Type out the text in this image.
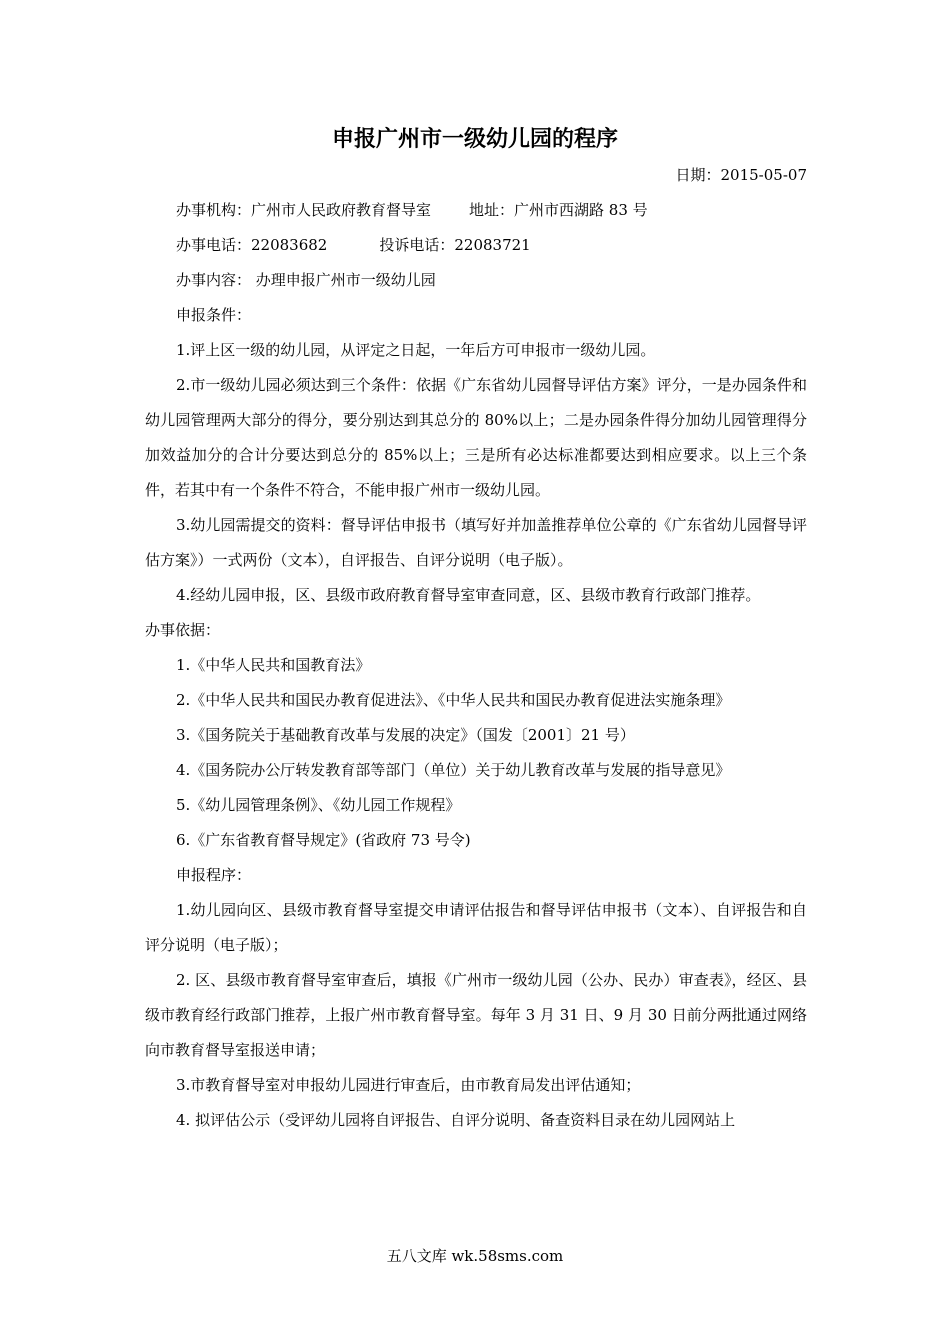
申报广州市一级幼儿园的程序

日期：2015-05-07

办事机构：广州市人民政府教育督导室	地址：广州市西湖路 83 号

办事电话：22083682	投诉电话：22083721

办事内容： 办理申报广州市一级幼儿园

申报条件：

1.评上区一级的幼儿园，从评定之日起，一年后方可申报市一级幼儿园。

2.市一级幼儿园必须达到三个条件：依据《广东省幼儿园督导评估方案》评分，一是办园条件和幼儿园管理两大部分的得分，要分别达到其总分的 80%以上；二是办园条件得分加幼儿园管理得分加效益加分的合计分要达到总分的 85%以上；三是所有必达标准都要达到相应要求。以上三个条件，若其中有一个条件不符合，不能申报广州市一级幼儿园。

3.幼儿园需提交的资料：督导评估申报书（填写好并加盖推荐单位公章的《广东省幼儿园督导评估方案》）一式两份（文本），自评报告、自评分说明（电子版）。

4.经幼儿园申报，区、县级市政府教育督导室审查同意，区、县级市教育行政部门推荐。

办事依据：

1.《中华人民共和国教育法》

2.《中华人民共和国民办教育促进法》、《中华人民共和国民办教育促进法实施条理》

3.《国务院关于基础教育改革与发展的决定》（国发〔2001〕21 号）

4.《国务院办公厅转发教育部等部门（单位）关于幼儿教育改革与发展的指导意见》

5.《幼儿园管理条例》、《幼儿园工作规程》

6.《广东省教育督导规定》(省政府 73 号令)

申报程序：

1.幼儿园向区、县级市教育督导室提交申请评估报告和督导评估申报书（文本）、自评报告和自评分说明（电子版）；

2. 区、县级市教育督导室审查后，填报《广州市一级幼儿园（公办、民办）审查表》，经区、县级市教育经行政部门推荐，上报广州市教育督导室。每年 3 月 31 日、9 月 30 日前分两批通过网络向市教育督导室报送申请；

3.市教育督导室对申报幼儿园进行审查后，由市教育局发出评估通知；

4. 拟评估公示（受评幼儿园将自评报告、自评分说明、备查资料目录在幼儿园网站上

五八文库 wk.58sms.com
